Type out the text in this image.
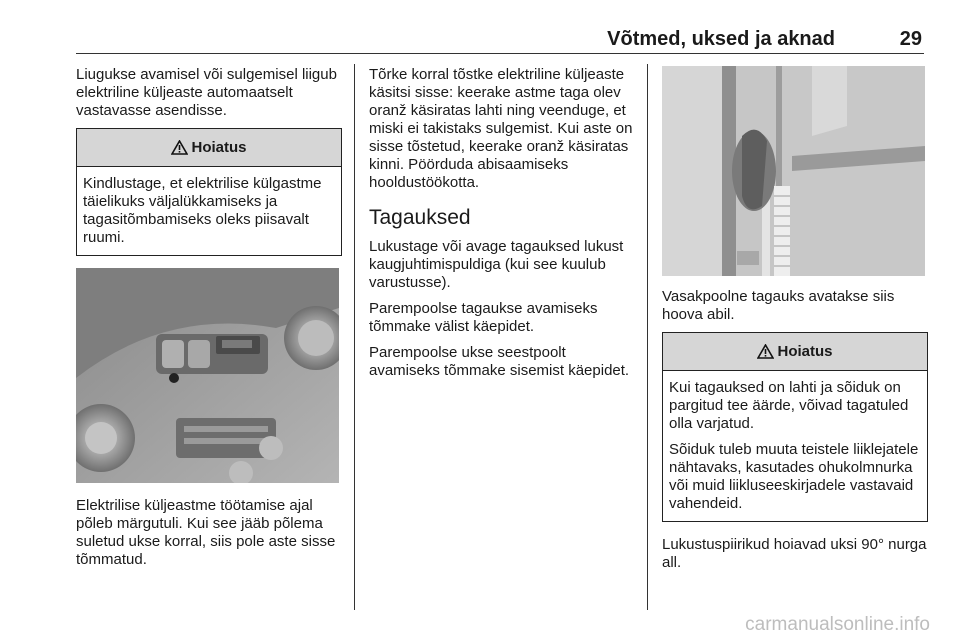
Võtmed, uksed ja aknad	29

Liugukse avamisel või sulgemisel liigub elektriline küljeaste automaatselt vastavasse asendisse.

Hoiatus

Kindlustage, et elektrilise külgastme täielikuks väljalükkamiseks ja tagasitõmbamiseks oleks piisavalt ruumi.

Elektrilise küljeastme töötamise ajal põleb märgutuli. Kui see jääb põlema suletud ukse korral, siis pole aste sisse tõmmatud.

Tõrke korral tõstke elektriline küljeaste käsitsi sisse: keerake astme taga olev oranž käsiratas lahti ning veenduge, et miski ei takistaks sulgemist. Kui aste on sisse tõstetud, keerake oranž käsiratas kinni. Pöörduda abisaamiseks hooldustöökotta.

Tagauksed

Lukustage või avage tagauksed lukust kaugjuhtimispuldiga (kui see kuulub varustusse).

Parempoolse tagaukse avamiseks tõmmake välist käepidet.

Parempoolse ukse seestpoolt avamiseks tõmmake sisemist käepidet.

Vasakpoolne tagauks avatakse siis hoova abil.

Hoiatus

Kui tagauksed on lahti ja sõiduk on pargitud tee äärde, võivad tagatuled olla varjatud.

Sõiduk tuleb muuta teistele liiklejatele nähtavaks, kasutades ohukolmnurka või muid liikluseeskirjadele vastavaid vahendeid.

Lukustuspiirikud hoiavad uksi 90° nurga all.

carmanualsonline.info
